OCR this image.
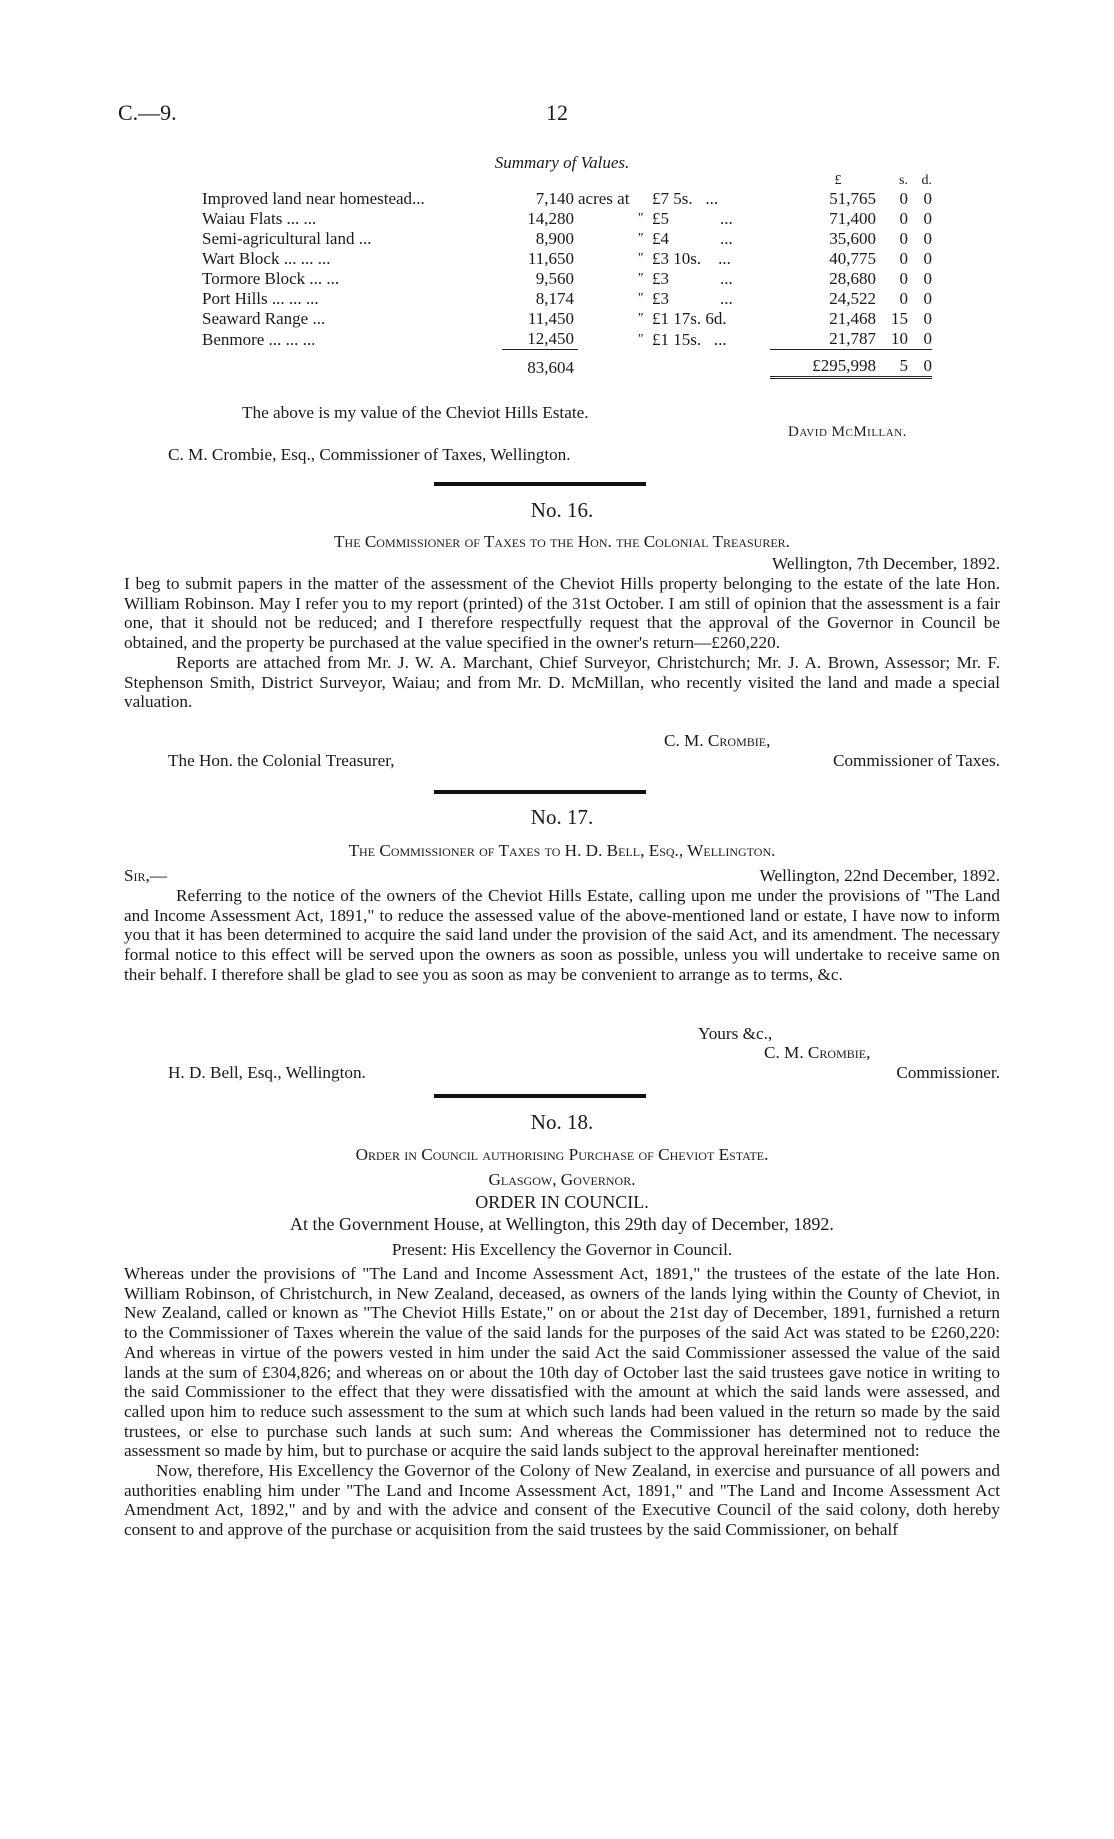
C.—9.	12
Summary of Values.
					£	s.	d.
Improved land near homestead...	7,140	acres at		£7 5s. ...	51,765	0	0
Waiau Flats ... ...	14,280		"	£5 ...	71,400	0	0
Semi-agricultural land ...	8,900		"	£4 ...	35,600	0	0
Wart Block ... ... ...	11,650		"	£3 10s. ...	40,775	0	0
Tormore Block ... ...	9,560		"	£3 ...	28,680	0	0
Port Hills ... ... ...	8,174		"	£3 ...	24,522	0	0
Seaward Range ...	11,450		"	£1 17s. 6d.	21,468	15	0
Benmore ... ... ...	12,450		"	£1 15s. ...	21,787	10	0
	83,604				£295,998	5	0
The above is my value of the Cheviot Hills Estate.
David McMillan.
C. M. Crombie, Esq., Commissioner of Taxes, Wellington.
No. 16.
The Commissioner of Taxes to the Hon. the Colonial Treasurer.
Wellington, 7th December, 1892.

I beg to submit papers in the matter of the assessment of the Cheviot Hills property belonging to the estate of the late Hon. William Robinson. May I refer you to my report (printed) of the 31st October. I am still of opinion that the assessment is a fair one, that it should not be reduced; and I therefore respectfully request that the approval of the Governor in Council be obtained, and the property be purchased at the value specified in the owner's return—£260,220.

Reports are attached from Mr. J. W. A. Marchant, Chief Surveyor, Christchurch; Mr. J. A. Brown, Assessor; Mr. F. Stephenson Smith, District Surveyor, Waiau; and from Mr. D. McMillan, who recently visited the land and made a special valuation.

C. M. Crombie,
The Hon. the Colonial Treasurer,	Commissioner of Taxes.
No. 17.
The Commissioner of Taxes to H. D. Bell, Esq., Wellington.
Sir,—	Wellington, 22nd December, 1892.

Referring to the notice of the owners of the Cheviot Hills Estate, calling upon me under the provisions of "The Land and Income Assessment Act, 1891," to reduce the assessed value of the above-mentioned land or estate, I have now to inform you that it has been determined to acquire the said land under the provision of the said Act, and its amendment. The necessary formal notice to this effect will be served upon the owners as soon as possible, unless you will undertake to receive same on their behalf. I therefore shall be glad to see you as soon as may be convenient to arrange as to terms, &c.

Yours &c.,
C. M. Crombie,
H. D. Bell, Esq., Wellington.	Commissioner.
No. 18.
Order in Council authorising Purchase of Cheviot Estate.
Glasgow, Governor.
ORDER IN COUNCIL.
At the Government House, at Wellington, this 29th day of December, 1892.
Present: His Excellency the Governor in Council.

Whereas under the provisions of "The Land and Income Assessment Act, 1891," the trustees of the estate of the late Hon. William Robinson, of Christchurch, in New Zealand, deceased, as owners of the lands lying within the County of Cheviot, in New Zealand, called or known as "The Cheviot Hills Estate," on or about the 21st day of December, 1891, furnished a return to the Commissioner of Taxes wherein the value of the said lands for the purposes of the said Act was stated to be £260,220: And whereas in virtue of the powers vested in him under the said Act the said Commissioner assessed the value of the said lands at the sum of £304,826; and whereas on or about the 10th day of October last the said trustees gave notice in writing to the said Commissioner to the effect that they were dissatisfied with the amount at which the said lands were assessed, and called upon him to reduce such assessment to the sum at which such lands had been valued in the return so made by the said trustees, or else to purchase such lands at such sum: And whereas the Commissioner has determined not to reduce the assessment so made by him, but to purchase or acquire the said lands subject to the approval hereinafter mentioned:

Now, therefore, His Excellency the Governor of the Colony of New Zealand, in exercise and pursuance of all powers and authorities enabling him under "The Land and Income Assessment Act, 1891," and "The Land and Income Assessment Act Amendment Act, 1892," and by and with the advice and consent of the Executive Council of the said colony, doth hereby consent to and approve of the purchase or acquisition from the said trustees by the said Commissioner, on behalf
